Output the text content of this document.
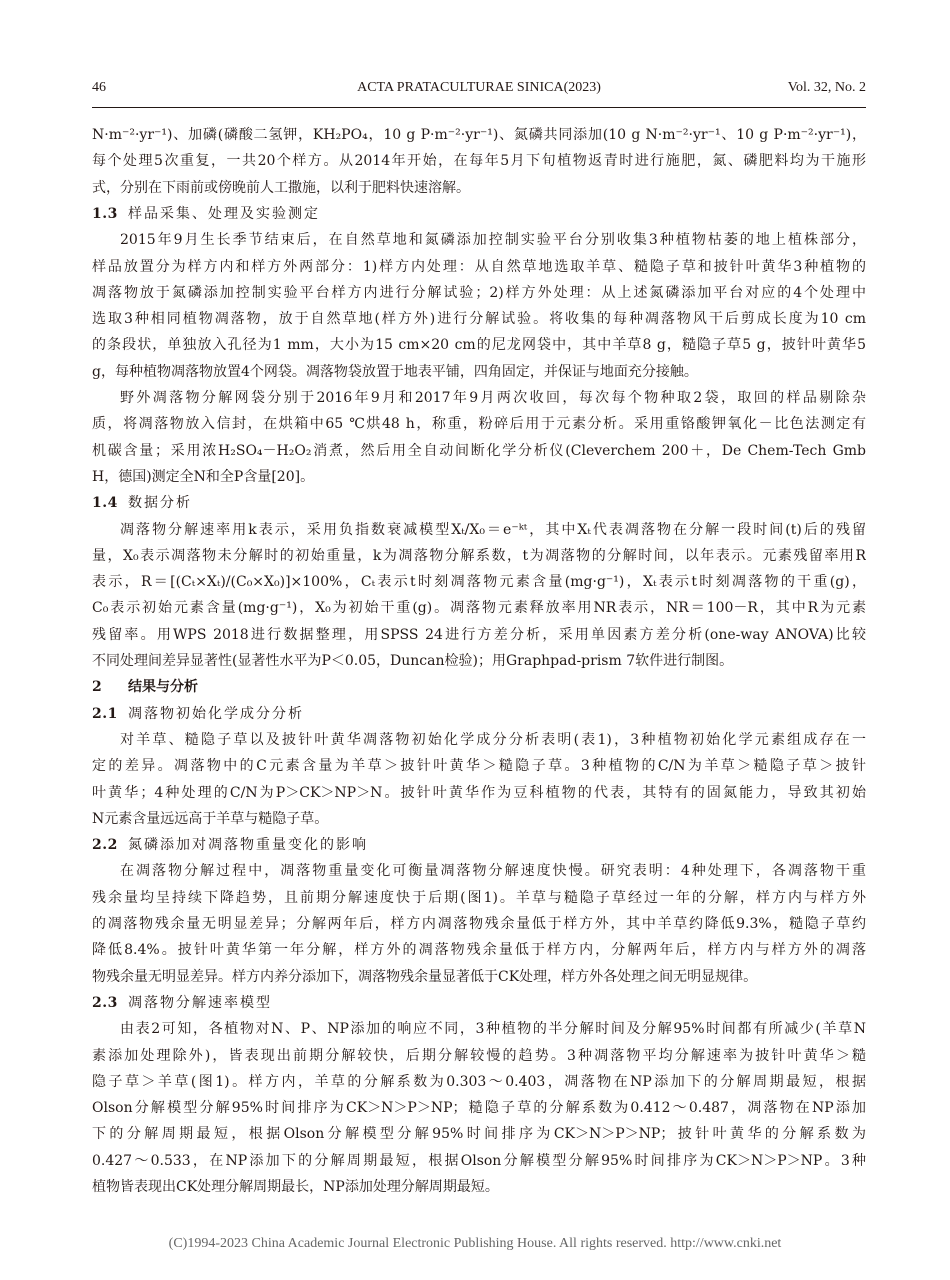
46	ACTA PRATACULTURAE SINICA(2023)	Vol. 32, No. 2
N·m⁻²·yr⁻¹)、加磷(磷酸二氢钾，KH₂PO₄，10 g P·m⁻²·yr⁻¹)、氮磷共同添加(10 g N·m⁻²·yr⁻¹、10 g P·m⁻²·yr⁻¹)，
每个处理5次重复，一共20个样方。从2014年开始，在每年5月下旬植物返青时进行施肥，氮、磷肥料均为干施形
式，分别在下雨前或傍晚前人工撒施，以利于肥料快速溶解。
1.3 样品采集、处理及实验测定
2015年9月生长季节结束后，在自然草地和氮磷添加控制实验平台分别收集3种植物枯萎的地上植株部分，
样品放置分为样方内和样方外两部分：1)样方内处理：从自然草地选取羊草、糙隐子草和披针叶黄华3种植物的
凋落物放于氮磷添加控制实验平台样方内进行分解试验；2)样方外处理：从上述氮磷添加平台对应的4个处理中
选取3种相同植物凋落物，放于自然草地(样方外)进行分解试验。将收集的每种凋落物风干后剪成长度为10 cm
的条段状，单独放入孔径为1 mm，大小为15 cm×20 cm的尼龙网袋中，其中羊草8 g，糙隐子草5 g，披针叶黄华5
g，每种植物凋落物放置4个网袋。凋落物袋放置于地表平铺，四角固定，并保证与地面充分接触。
野外凋落物分解网袋分别于2016年9月和2017年9月两次收回，每次每个物种取2袋，取回的样品剔除杂
质，将凋落物放入信封，在烘箱中65 ℃烘48 h，称重，粉碎后用于元素分析。采用重铬酸钾氧化－比色法测定有
机碳含量；采用浓H₂SO₄－H₂O₂消煮，然后用全自动间断化学分析仪(Cleverchem 200＋，De Chem-Tech Gmb
H，德国)测定全N和全P含量[20]。
1.4 数据分析
凋落物分解速率用k表示，采用负指数衰减模型Xₜ/X₀＝e⁻ᵏᵗ，其中Xₜ代表凋落物在分解一段时间(t)后的残留
量，X₀表示凋落物未分解时的初始重量，k为凋落物分解系数，t为凋落物的分解时间，以年表示。元素残留率用R
表示，R＝[(Cₜ×Xₜ)/(C₀×X₀)]×100%，Cₜ表示t时刻凋落物元素含量(mg·g⁻¹)，Xₜ表示t时刻凋落物的干重(g)，
C₀表示初始元素含量(mg·g⁻¹)，X₀为初始干重(g)。凋落物元素释放率用NR表示，NR＝100－R，其中R为元素
残留率。用WPS 2018进行数据整理，用SPSS 24进行方差分析，采用单因素方差分析(one-way ANOVA)比较
不同处理间差异显著性(显著性水平为P＜0.05，Duncan检验)；用Graphpad-prism 7软件进行制图。
2 结果与分析
2.1 凋落物初始化学成分分析
对羊草、糙隐子草以及披针叶黄华凋落物初始化学成分分析表明(表1)，3种植物初始化学元素组成存在一
定的差异。凋落物中的C元素含量为羊草＞披针叶黄华＞糙隐子草。3种植物的C/N为羊草＞糙隐子草＞披针
叶黄华；4种处理的C/N为P＞CK＞NP＞N。披针叶黄华作为豆科植物的代表，其特有的固氮能力，导致其初始
N元素含量远远高于羊草与糙隐子草。
2.2 氮磷添加对凋落物重量变化的影响
在凋落物分解过程中，凋落物重量变化可衡量凋落物分解速度快慢。研究表明：4种处理下，各凋落物干重
残余量均呈持续下降趋势，且前期分解速度快于后期(图1)。羊草与糙隐子草经过一年的分解，样方内与样方外
的凋落物残余量无明显差异；分解两年后，样方内凋落物残余量低于样方外，其中羊草约降低9.3%，糙隐子草约
降低8.4%。披针叶黄华第一年分解，样方外的凋落物残余量低于样方内，分解两年后，样方内与样方外的凋落
物残余量无明显差异。样方内养分添加下，凋落物残余量显著低于CK处理，样方外各处理之间无明显规律。
2.3 凋落物分解速率模型
由表2可知，各植物对N、P、NP添加的响应不同，3种植物的半分解时间及分解95%时间都有所减少(羊草N
素添加处理除外)，皆表现出前期分解较快，后期分解较慢的趋势。3种凋落物平均分解速率为披针叶黄华＞糙
隐子草＞羊草(图1)。样方内，羊草的分解系数为0.303～0.403，凋落物在NP添加下的分解周期最短，根据
Olson分解模型分解95%时间排序为CK＞N＞P＞NP；糙隐子草的分解系数为0.412～0.487，凋落物在NP添加
下的分解周期最短，根据Olson分解模型分解95%时间排序为CK＞N＞P＞NP；披针叶黄华的分解系数为
0.427～0.533，在NP添加下的分解周期最短，根据Olson分解模型分解95%时间排序为CK＞N＞P＞NP。3种
植物皆表现出CK处理分解周期最长，NP添加处理分解周期最短。
(C)1994-2023 China Academic Journal Electronic Publishing House. All rights reserved. http://www.cnki.net
